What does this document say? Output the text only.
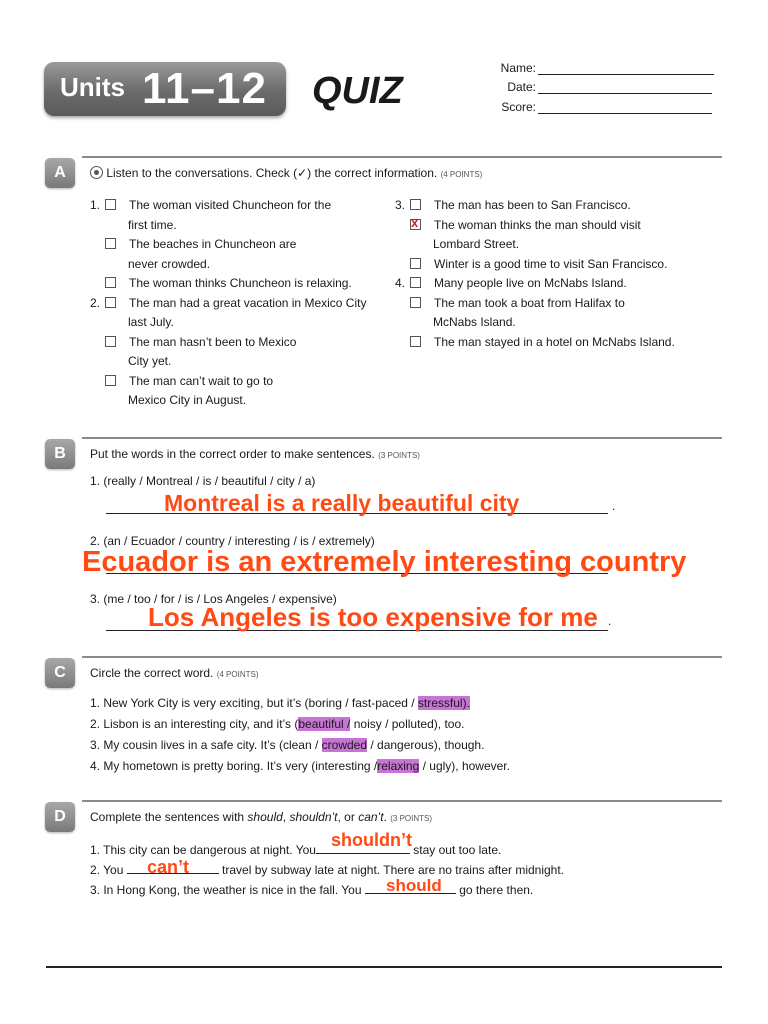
Units 11–12 QUIZ
Name:
Date:
Score:
A	Listen to the conversations. Check (✓) the correct information. (4 POINTS)
1. The woman visited Chuncheon for the
first time.
The beaches in Chuncheon are
never crowded.
The woman thinks Chuncheon is relaxing.
2. The man had a great vacation in Mexico City
last July.
The man hasn’t been to Mexico
City yet.
The man can’t wait to go to
Mexico City in August.
3. The man has been to San Francisco.
x The woman thinks the man should visit
Lombard Street.
Winter is a good time to visit San Francisco.
4. Many people live on McNabs Island.
The man took a boat from Halifax to
McNabs Island.
The man stayed in a hotel on McNabs Island.
B	Put the words in the correct order to make sentences. (3 POINTS)
1. (really / Montreal / is / beautiful / city / a)
.
Montreal is a really beautiful city
2. (an / Ecuador / country / interesting / is / extremely)
Ecuador is an extremely interesting country
3. (me / too / for / is / Los Angeles / expensive)
.
Los Angeles is too expensive for me
C	Circle the correct word. (4 POINTS)
1. New York City is very exciting, but it’s (boring / fast-paced / stressful).
2. Lisbon is an interesting city, and it’s (beautiful / noisy / polluted), too.
3. My cousin lives in a safe city. It’s (clean / crowded / dangerous), though.
4. My hometown is pretty boring. It’s very (interesting /relaxing / ugly), however.
D	Complete the sentences with should, shouldn’t, or can’t. (3 POINTS)
1. This city can be dangerous at night. You	stay out too late.
shouldn’t
2. You	travel by subway late at night. There are no trains after midnight.
can’t
3. In Hong Kong, the weather is nice in the fall. You	go there then.
should
